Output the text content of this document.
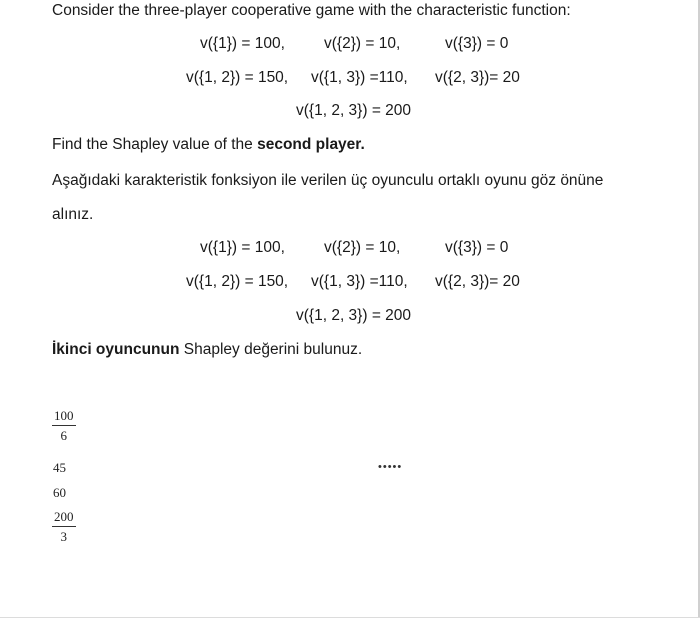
Consider the three-player cooperative game with the characteristic function:
v({1}) = 100,	v({2}) = 10,	v({3}) = 0
v({1, 2}) = 150, v({1, 3}) =110, v({2, 3})= 20
v({1, 2, 3}) = 200
Find the Shapley value of the second player.
Aşağıdaki karakteristik fonksiyon ile verilen üç oyunculu ortaklı oyunu göz önüne
alınız.
v({1}) = 100,	v({2}) = 10,	v({3}) = 0
v({1, 2}) = 150, v({1, 3}) =110, v({2, 3})= 20
v({1, 2, 3}) = 200
İkinci oyuncunun Shapley değerini bulunuz.
$\frac{100}{6}$
45
60
$\frac{200}{3}$
•••••
